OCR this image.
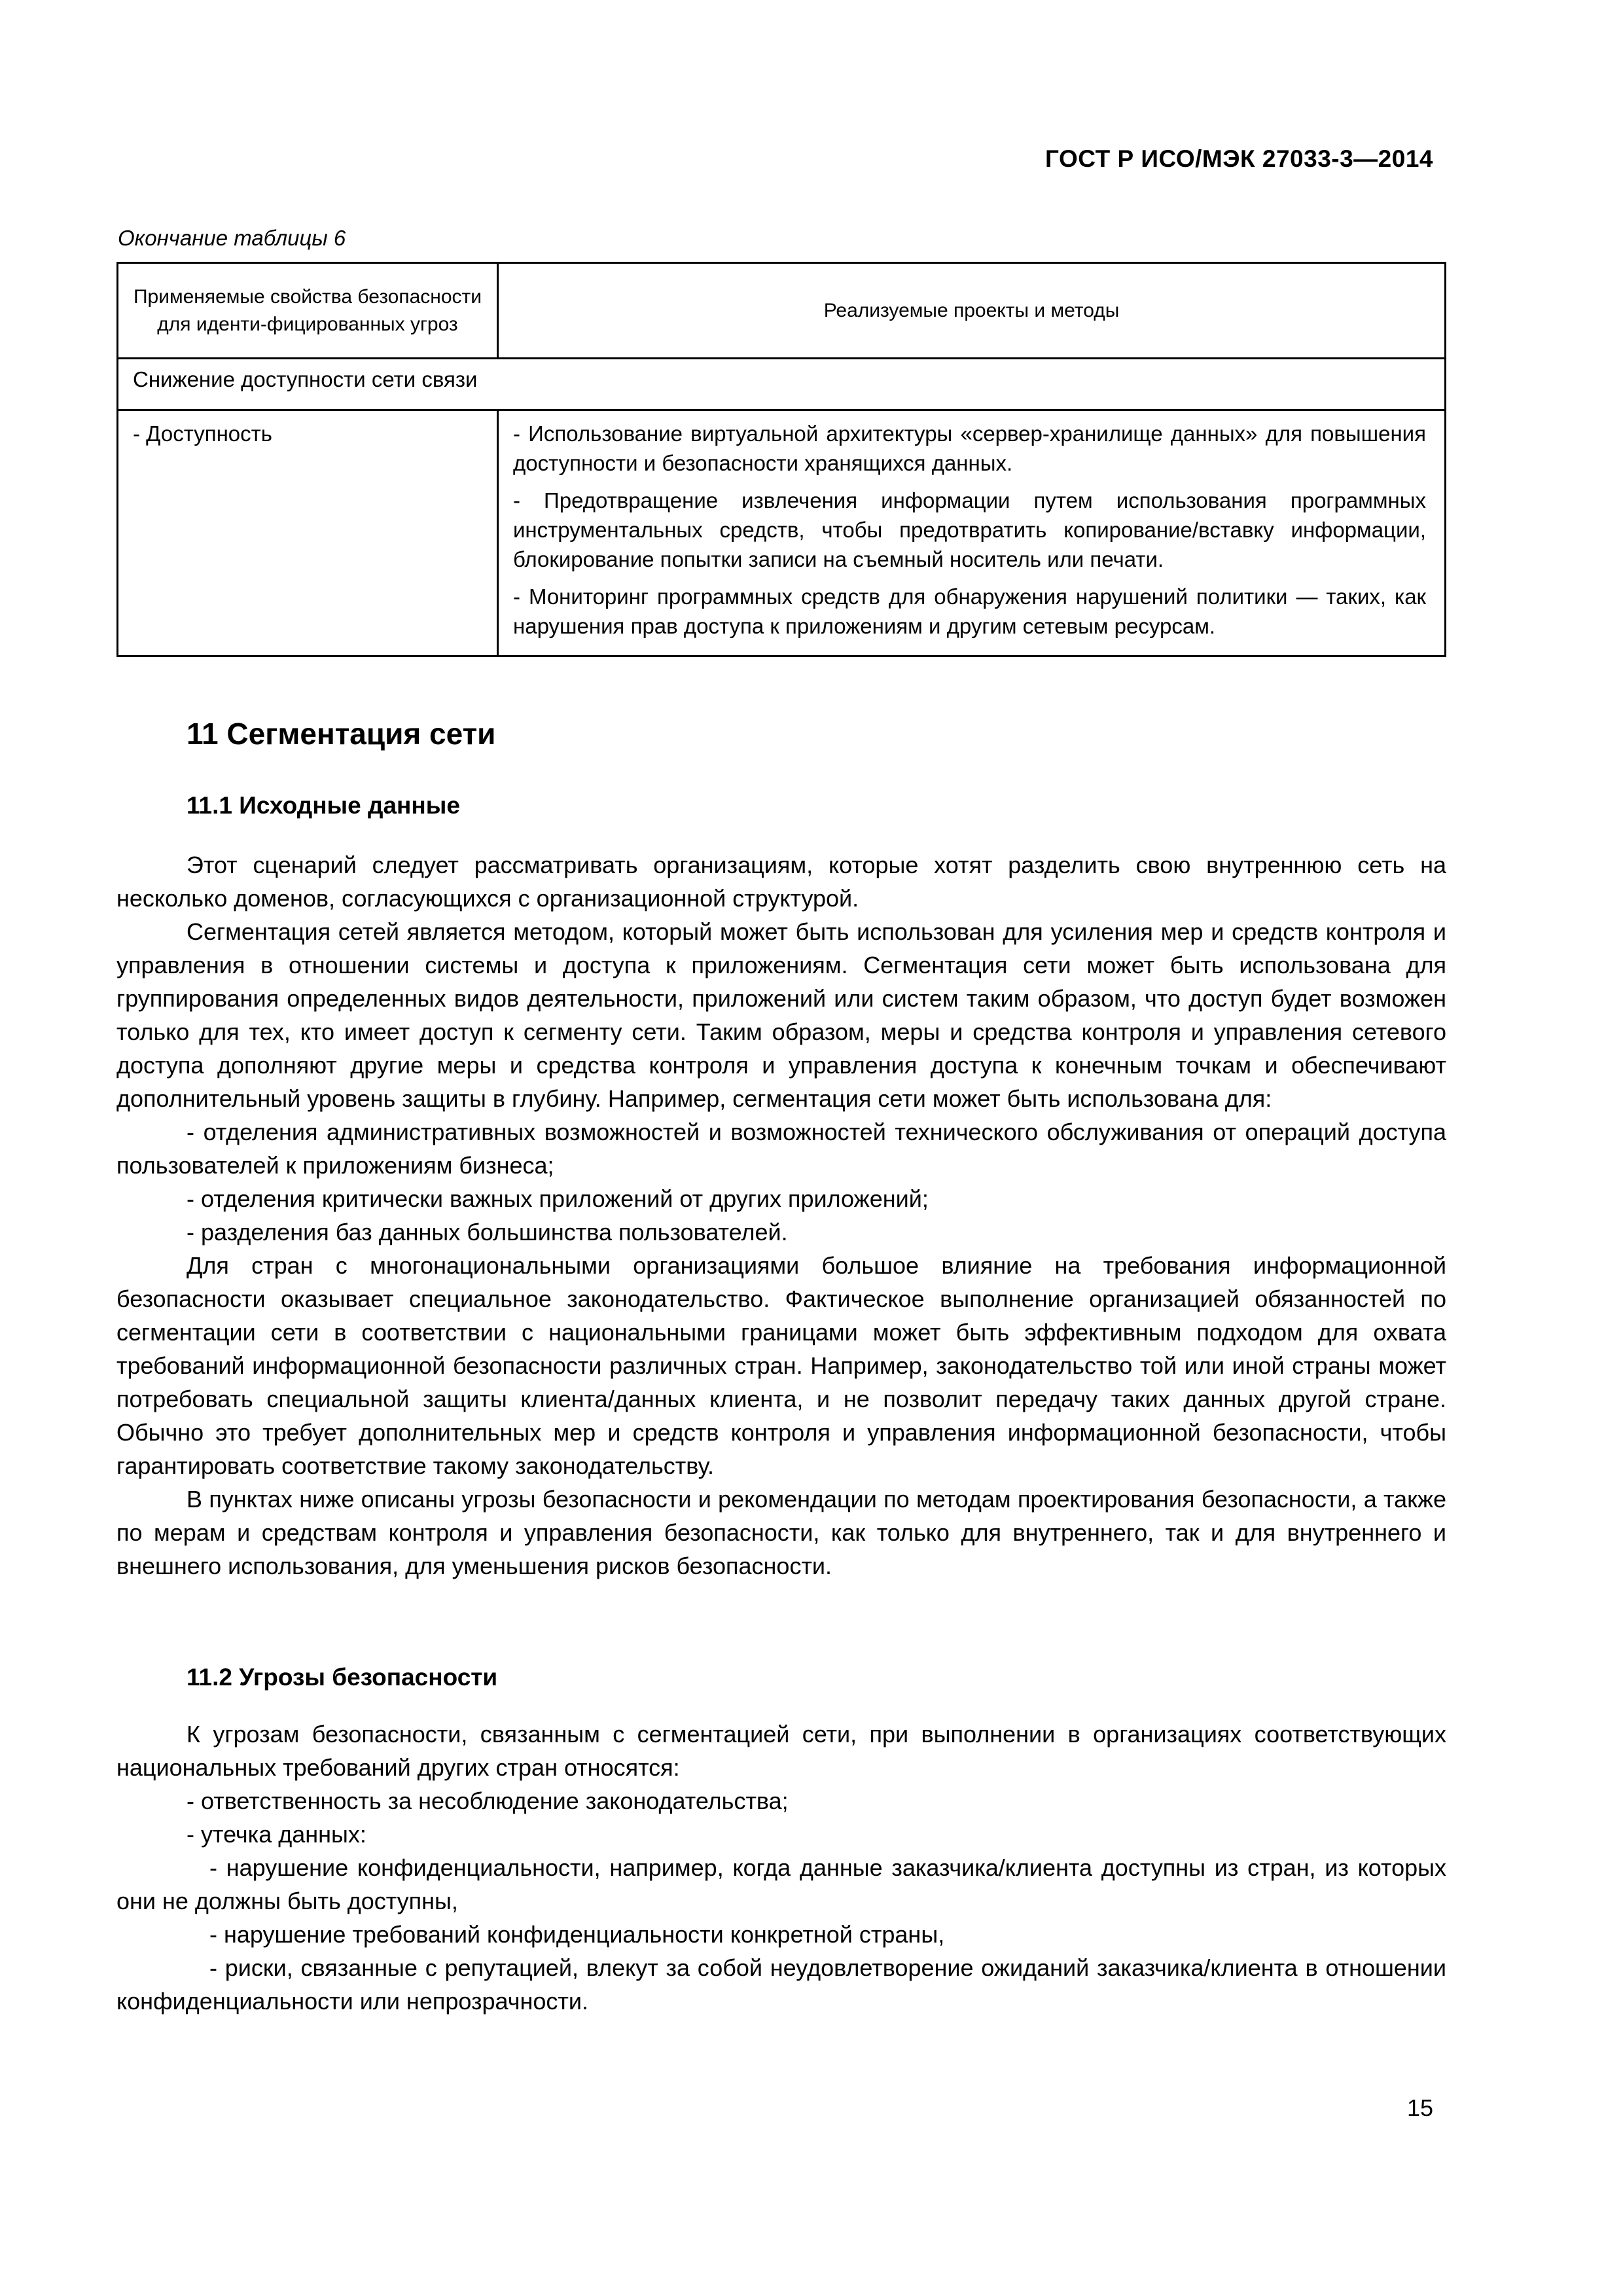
ГОСТ Р ИСО/МЭК 27033-3—2014
Окончание таблицы 6
Применяемые свойства безопасности для иденти-фицированных угроз	Реализуемые проекты и методы

Снижение доступности сети связи	
- Доступность	- Использование виртуальной архитектуры «сервер-хранилище данных» для повышения доступности и безопасности хранящихся данных.

- Предотвращение извлечения информации путем использования программных инструментальных средств, чтобы предотвратить копирование/вставку информации, блокирование попытки записи на съемный носитель или печати.

- Мониторинг программных средств для обнаружения нарушений политики — таких, как нарушения прав доступа к приложениям и другим сетевым ресурсам.

11 Сегментация сети
11.1 Исходные данные

Этот сценарий следует рассматривать организациям, которые хотят разделить свою внутреннюю сеть на несколько доменов, согласующихся с организационной структурой.

Сегментация сетей является методом, который может быть использован для усиления мер и средств контроля и управления в отношении системы и доступа к приложениям. Сегментация сети может быть использована для группирования определенных видов деятельности, приложений или систем таким образом, что доступ будет возможен только для тех, кто имеет доступ к сегменту сети. Таким образом, меры и средства контроля и управления сетевого доступа дополняют другие меры и средства контроля и управления доступа к конечным точкам и обеспечивают дополнительный уровень защиты в глубину. Например, сегментация сети может быть использована для:

- отделения административных возможностей и возможностей технического обслуживания от операций доступа пользователей к приложениям бизнеса;

- отделения критически важных приложений от других приложений;

- разделения баз данных большинства пользователей.

Для стран с многонациональными организациями большое влияние на требования информационной безопасности оказывает специальное законодательство. Фактическое выполнение организацией обязанностей по сегментации сети в соответствии с национальными границами может быть эффективным подходом для охвата требований информационной безопасности различных стран. Например, законодательство той или иной страны может потребовать специальной защиты клиента/данных клиента, и не позволит передачу таких данных другой стране. Обычно это требует дополнительных мер и средств контроля и управления информационной безопасности, чтобы гарантировать соответствие такому законодательству.

В пунктах ниже описаны угрозы безопасности и рекомендации по методам проектирования безопасности, а также по мерам и средствам контроля и управления безопасности, как только для внутреннего, так и для внутреннего и внешнего использования, для уменьшения рисков безопасности.

11.2 Угрозы безопасности

К угрозам безопасности, связанным с сегментацией сети, при выполнении в организациях соответствующих национальных требований других стран относятся:

- ответственность за несоблюдение законодательства;

- утечка данных:

- нарушение конфиденциальности, например, когда данные заказчика/клиента доступны из стран, из которых они не должны быть доступны,

- нарушение требований конфиденциальности конкретной страны,

- риски, связанные с репутацией, влекут за собой неудовлетворение ожиданий заказчика/клиента в отношении конфиденциальности или непрозрачности.

15
